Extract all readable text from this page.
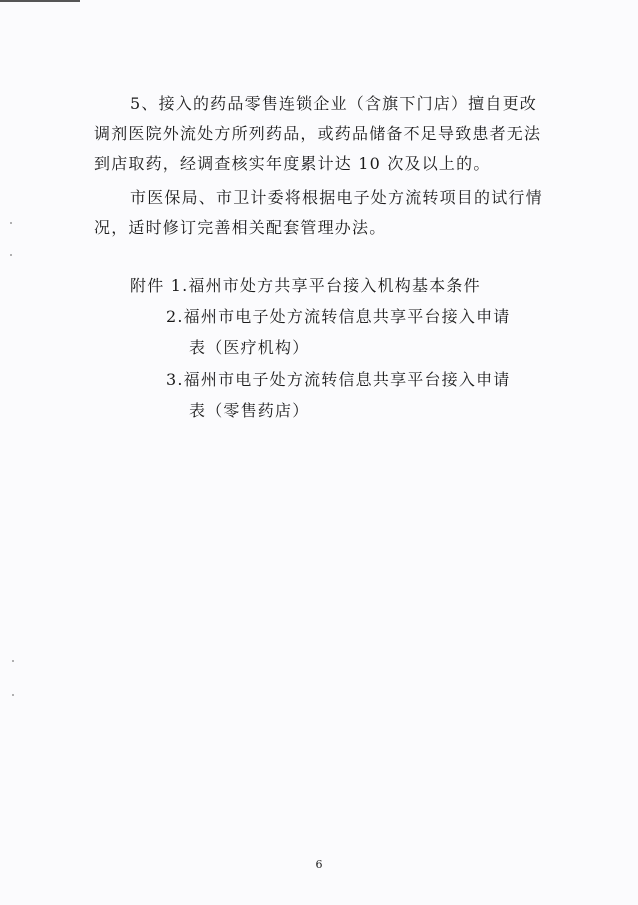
5、接入的药品零售连锁企业（含旗下门店）擅自更改
调剂医院外流处方所列药品，或药品储备不足导致患者无法
到店取药，经调查核实年度累计达 10 次及以上的。
市医保局、市卫计委将根据电子处方流转项目的试行情
况，适时修订完善相关配套管理办法。
附件 1.福州市处方共享平台接入机构基本条件
2.福州市电子处方流转信息共享平台接入申请
表（医疗机构）
3.福州市电子处方流转信息共享平台接入申请
表（零售药店）
6
